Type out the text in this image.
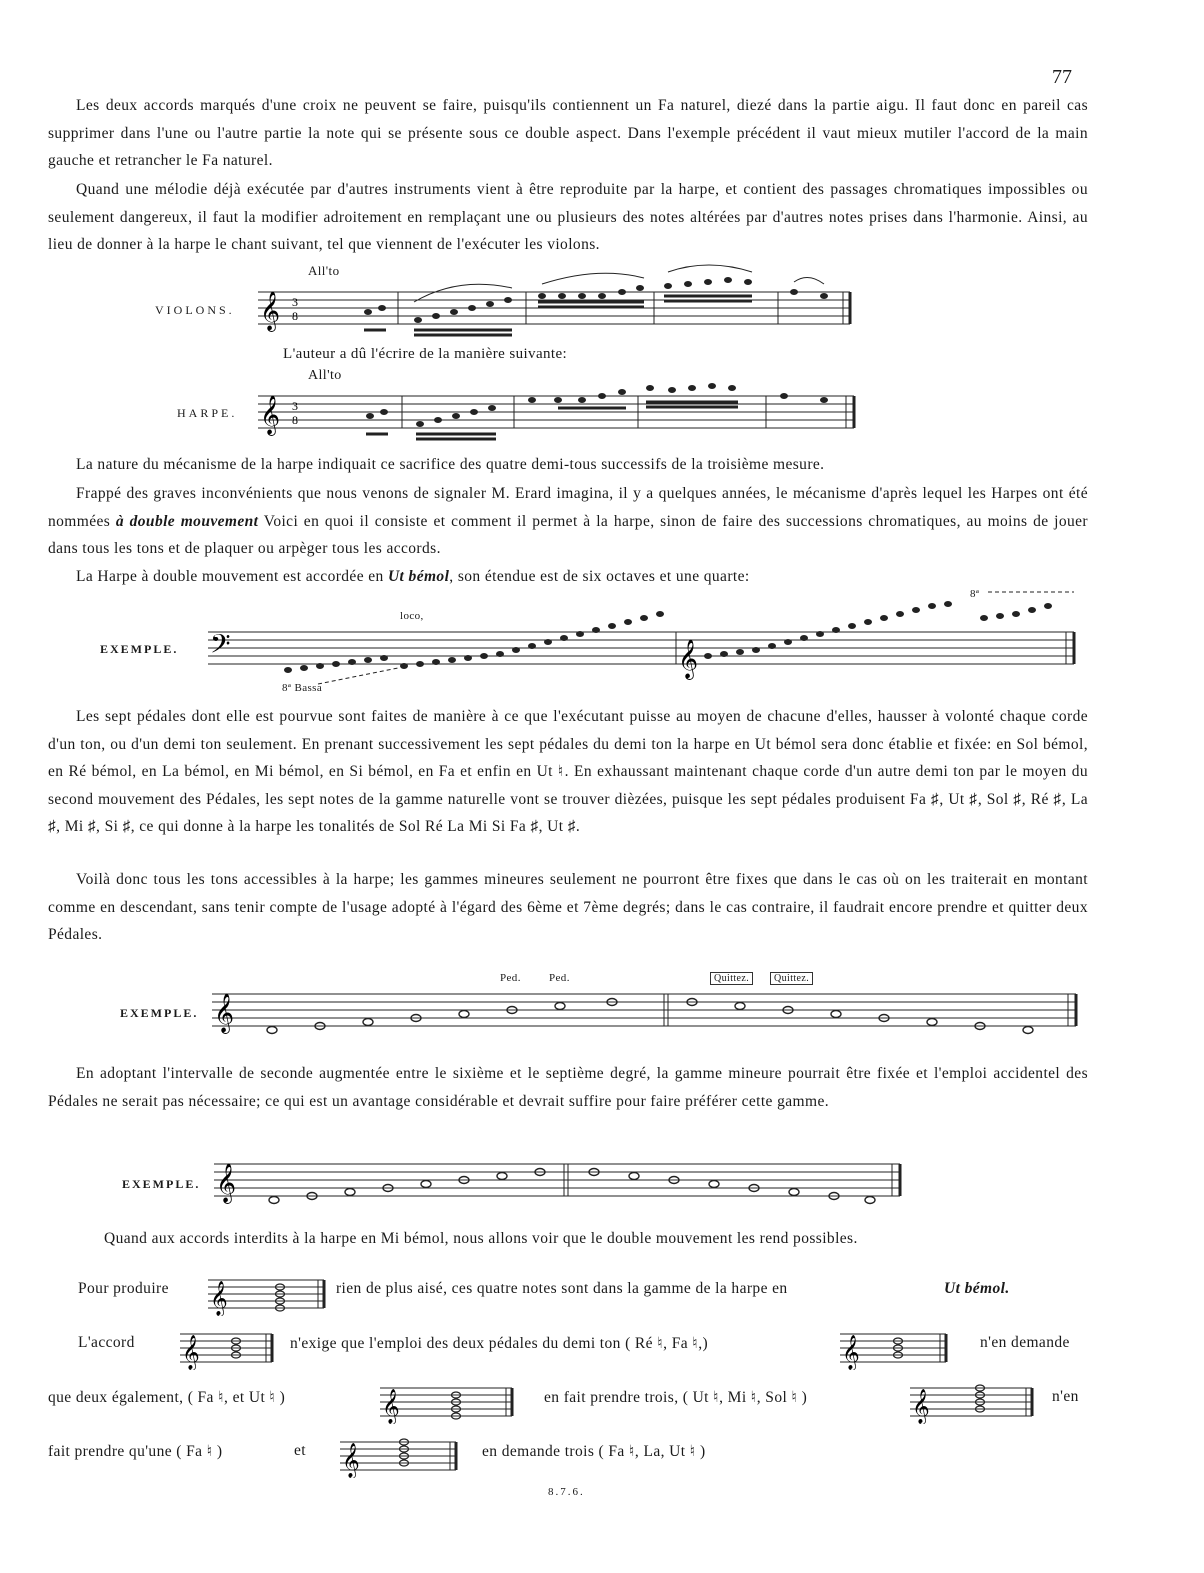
77

Les deux accords marqués d'une croix ne peuvent se faire, puisqu'ils contiennent un Fa naturel, diezé dans la partie aigu. Il faut donc en pareil cas supprimer dans l'une ou l'autre partie la note qui se présente sous ce double aspect. Dans l'exemple précédent il vaut mieux mutiler l'accord de la main gauche et retrancher le Fa naturel.

Quand une mélodie déjà exécutée par d'autres instruments vient à être reproduite par la harpe, et contient des passages chromatiques impossibles ou seulement dangereux, il faut la modifier adroitement en remplaçant une ou plusieurs des notes altérées par d'autres notes prises dans l'harmonie. Ainsi, au lieu de donner à la harpe le chant suivant, tel que viennent de l'exécuter les violons.

VIOLONS.
All'to
𝄞 3
8
L'auteur a dû l'écrire de la manière suivante:
HARPE.
All'to
𝄞 3
8

La nature du mécanisme de la harpe indiquait ce sacrifice des quatre demi-tous successifs de la troisième mesure.

Frappé des graves inconvénients que nous venons de signaler M. Erard imagina, il y a quelques années, le mécanisme d'après lequel les Harpes ont été nommées à double mouvement Voici en quoi il consiste et comment il permet à la harpe, sinon de faire des successions chromatiques, au moins de jouer dans tous les tons et de plaquer ou arpèger tous les accords.

La Harpe à double mouvement est accordée en Ut bémol, son étendue est de six octaves et une quarte:

EXEMPLE.
loco,
8ª
8ª Bassa
𝄢	𝄞

Les sept pédales dont elle est pourvue sont faites de manière à ce que l'exécutant puisse au moyen de chacune d'elles, hausser à volonté chaque corde d'un ton, ou d'un demi ton seulement. En prenant successivement les sept pédales du demi ton la harpe en Ut bémol sera donc établie et fixée: en Sol bémol, en Ré bémol, en La bémol, en Mi bémol, en Si bémol, en Fa et enfin en Ut ♮. En exhaussant maintenant chaque corde d'un autre demi ton par le moyen du second mouvement des Pédales, les sept notes de la gamme naturelle vont se trouver dièzées, puisque les sept pédales produisent Fa ♯, Ut ♯, Sol ♯, Ré ♯, La ♯, Mi ♯, Si ♯, ce qui donne à la harpe les tonalités de Sol Ré La Mi Si Fa ♯, Ut ♯.

Voilà donc tous les tons accessibles à la harpe; les gammes mineures seulement ne pourront être fixes que dans le cas où on les traiterait en montant comme en descendant, sans tenir compte de l'usage adopté à l'égard des 6ème et 7ème degrés; dans le cas contraire, il faudrait encore prendre et quitter deux Pédales.

EXEMPLE.
Ped.	Ped.	Quittez.	Quittez.
𝄞

En adoptant l'intervalle de seconde augmentée entre le sixième et le septième degré, la gamme mineure pourrait être fixée et l'emploi accidentel des Pédales ne serait pas nécessaire; ce qui est un avantage considérable et devrait suffire pour faire préférer cette gamme.

EXEMPLE. 𝄞

Quand aux accords interdits à la harpe en Mi bémol, nous allons voir que le double mouvement les rend possibles.

Pour produire 𝄞	rien de plus aisé, ces quatre notes sont dans la gamme de la harpe en	Ut bémol.
L'accord 𝄞	n'exige que l'emploi des deux pédales du demi ton ( Ré ♮, Fa ♮,)	𝄞	n'en demande
que deux également, ( Fa ♮, et Ut ♮ )	𝄞	en fait prendre trois, ( Ut ♮, Mi ♮, Sol ♮ )	𝄞	n'en
fait prendre qu'une ( Fa ♮ )	et 𝄞	en demande trois ( Fa ♮, La, Ut ♮ )
8.7.6.
